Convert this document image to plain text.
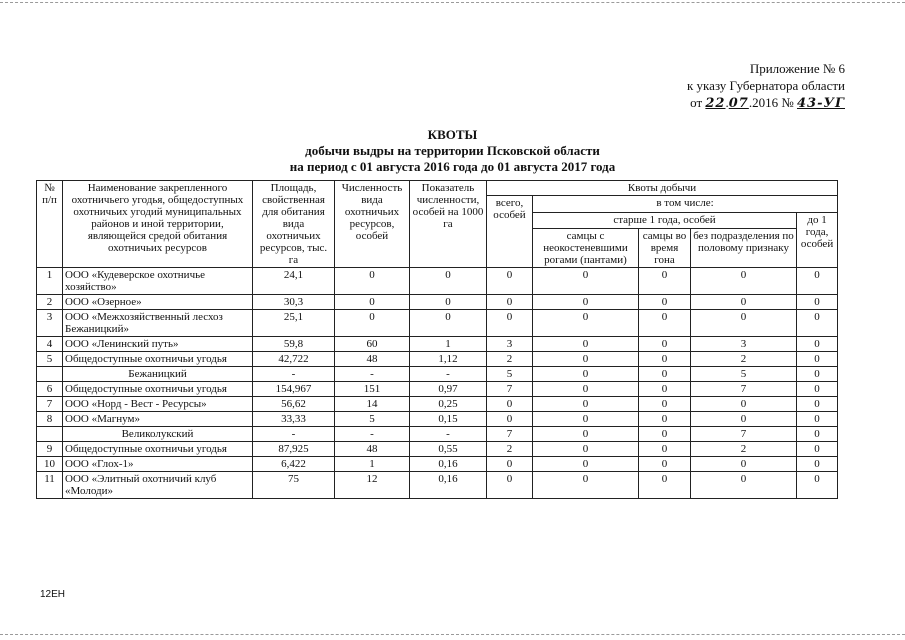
Приложение № 6
к указу Губернатора области
от 22.07.2016 № 43-УГ
КВОТЫ
добычи выдры на территории Псковской области
на период с 01 августа 2016 года до 01 августа 2017 года
№ п/п	Наименование закрепленного охотничьего угодья, общедоступных охотничьих угодий муниципальных районов и иной территории, являющейся средой обитания охотничьих ресурсов	Площадь, свойственная для обитания вида охотничьих ресурсов, тыс. га	Численность вида охотничьих ресурсов, особей	Показатель численности, особей на 1000 га	Квоты добычи				
					всего, особей	в том числе:			
						старше 1 года, особей			до 1 года, особей
						самцы с неокостеневшими рогами (пантами)	самцы во время гона	без подразделения по половому признаку	
1	ООО «Кудеверское охотничье хозяйство»	24,1	0	0	0	0	0	0	0
2	ООО «Озерное»	30,3	0	0	0	0	0	0	0
3	ООО «Межхозяйственный лесхоз Бежаницкий»	25,1	0	0	0	0	0	0	0
4	ООО «Ленинский путь»	59,8	60	1	3	0	0	3	0
5	Общедоступные охотничьи угодья	42,722	48	1,12	2	0	0	2	0
	Бежаницкий	-	-	-	5	0	0	5	0
6	Общедоступные охотничьи угодья	154,967	151	0,97	7	0	0	7	0
7	ООО «Норд - Вест - Ресурсы»	56,62	14	0,25	0	0	0	0	0
8	ООО «Магнум»	33,33	5	0,15	0	0	0	0	0
	Великолукский	-	-	-	7	0	0	7	0
9	Общедоступные охотничьи угодья	87,925	48	0,55	2	0	0	2	0
10	ООО «Глох-1»	6,422	1	0,16	0	0	0	0	0
11	ООО «Элитный охотничий клуб «Молоди»	75	12	0,16	0	0	0	0	0
12ЕН
